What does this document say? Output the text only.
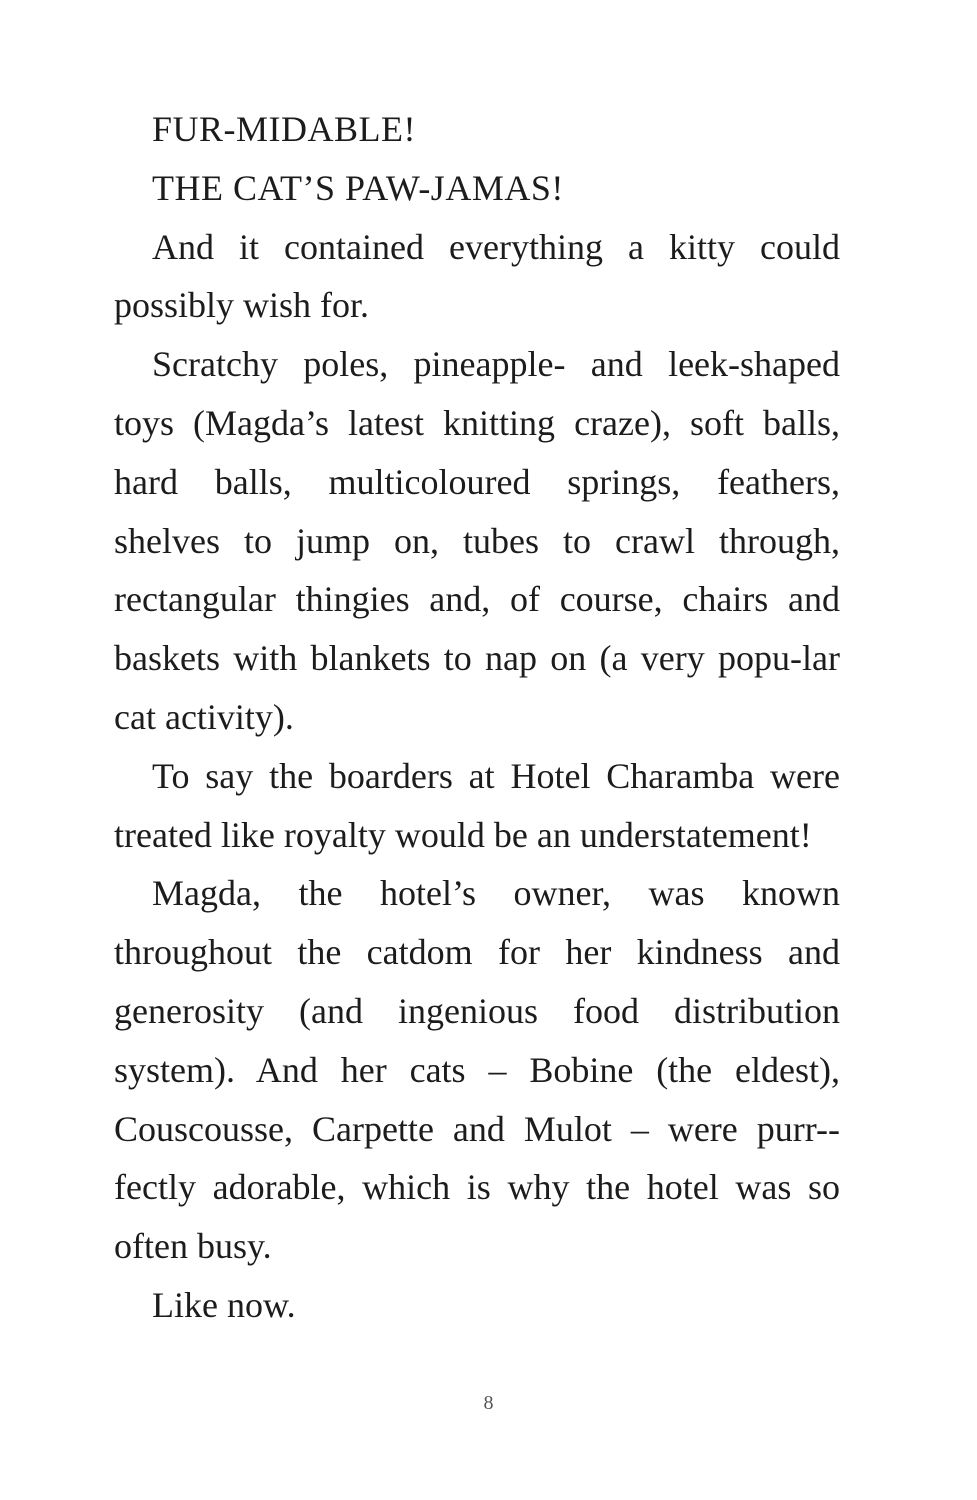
FUR-MIDABLE!

THE CAT’S PAW-JAMAS!

And it contained everything a kitty could possibly wish for.

Scratchy poles, pineapple- and leek-shaped toys (Magda’s latest knitting craze), soft balls, hard balls, multicoloured springs, feathers, shelves to jump on, tubes to crawl through, rectangular thingies and, of course, chairs and baskets with blankets to nap on (a very popu-lar cat activity).

To say the boarders at Hotel Charamba were treated like royalty would be an understatement!

Magda, the hotel’s owner, was known throughout the catdom for her kindness and generosity (and ingenious food distribution system). And her cats – Bobine (the eldest), Couscousse, Carpette and Mulot – were purr-fectly adorable, which is why the hotel was so often busy.

Like now.

8
